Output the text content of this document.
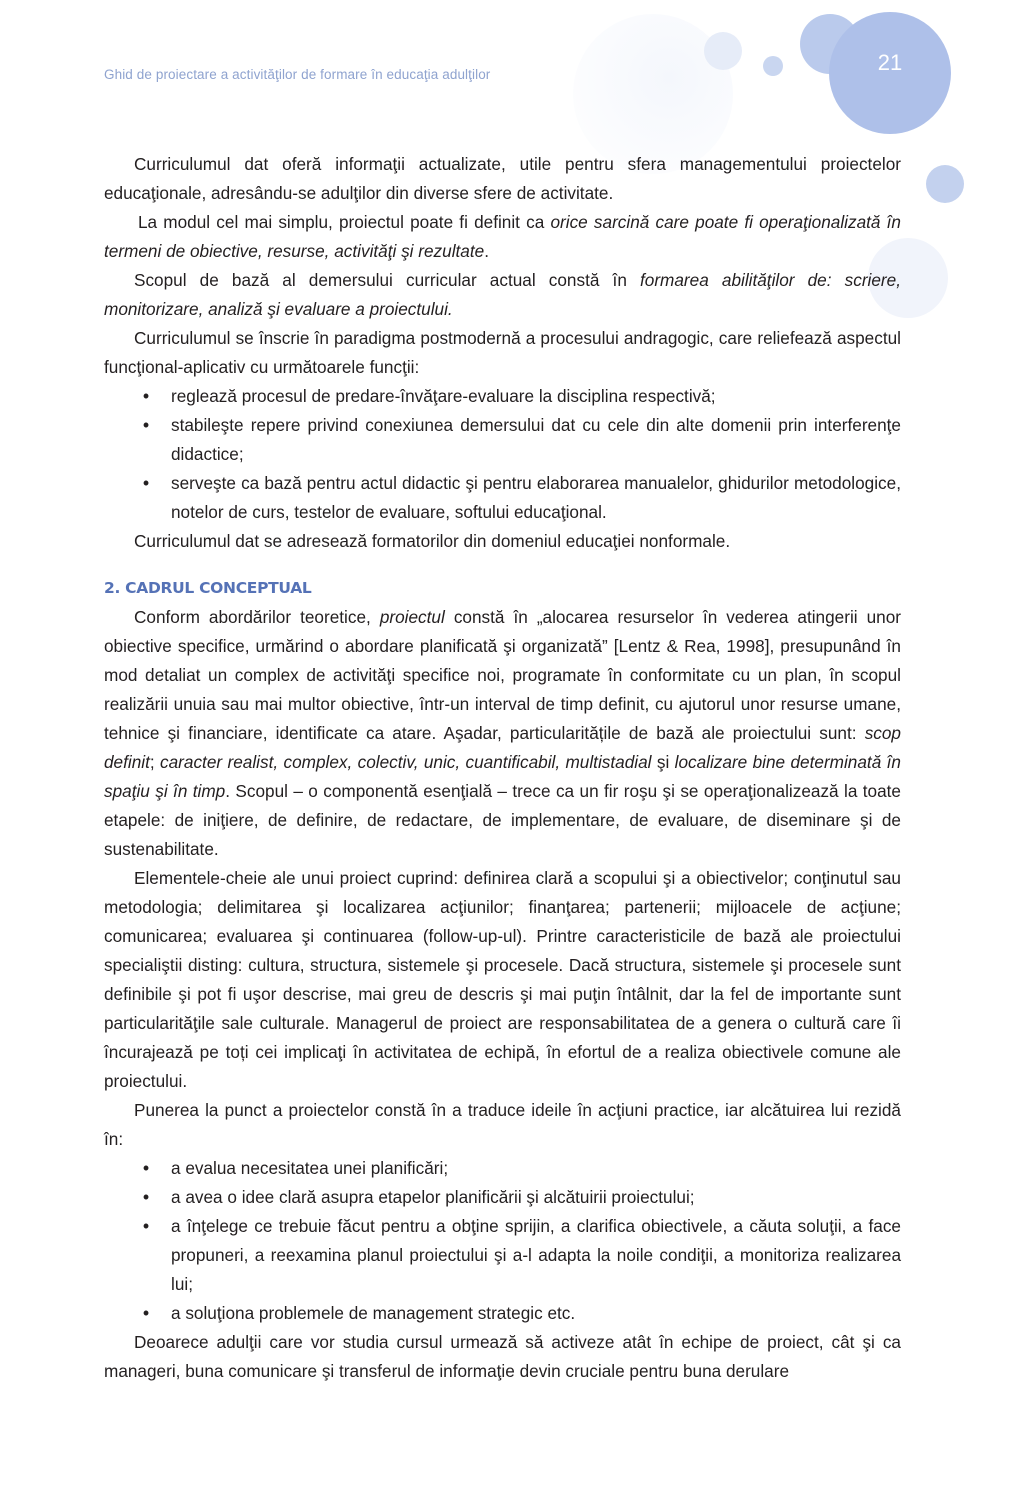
Ghid de proiectare a activităţilor de formare în educaţia adulţilor	21

Curriculumul dat oferă informaţii actualizate, utile pentru sfera managementului proiectelor educaţionale, adresându-se adulţilor din diverse sfere de activitate.

La modul cel mai simplu, proiectul poate fi definit ca orice sarcină care poate fi operaţionalizată în termeni de obiective, resurse, activităţi şi rezultate.

Scopul de bază al demersului curricular actual constă în formarea abilităţilor de: scriere, monitorizare, analiză şi evaluare a proiectului.

Curriculumul se înscrie în paradigma postmodernă a procesului andragogic, care reliefează aspectul funcţional-aplicativ cu următoarele funcţii:

•
reglează procesul de predare-învăţare-evaluare la disciplina respectivă;
•
stabileşte repere privind conexiunea demersului dat cu cele din alte domenii prin interferenţe didactice;
•
serveşte ca bază pentru actul didactic şi pentru elaborarea manualelor, ghidurilor metodologice, notelor de curs, testelor de evaluare, softului educaţional.

Curriculumul dat se adresează formatorilor din domeniul educaţiei nonformale.

2. CADRUL CONCEPTUAL

Conform abordărilor teoretice, proiectul constă în „alocarea resurselor în vederea atingerii unor obiective specifice, urmărind o abordare planificată şi organizată” [Lentz & Rea, 1998], presupunând în mod detaliat un complex de activităţi specifice noi, programate în conformitate cu un plan, în scopul realizării unuia sau mai multor obiective, într-un interval de timp definit, cu ajutorul unor resurse umane, tehnice şi financiare, identificate ca atare. Aşadar, particularitățile de bază ale proiectului sunt: scop definit; caracter realist, complex, colectiv, unic, cuantificabil, multistadial şi localizare bine determinată în spaţiu şi în timp. Scopul – o componentă esenţială – trece ca un fir roşu şi se operaţionalizează la toate etapele: de iniţiere, de definire, de redactare, de implementare, de evaluare, de diseminare şi de sustenabilitate.

Elementele-cheie ale unui proiect cuprind: definirea clară a scopului şi a obiectivelor; conţinutul sau metodologia; delimitarea şi localizarea acţiunilor; finanţarea; partenerii; mijloacele de acţiune; comunicarea; evaluarea şi continuarea (follow-up-ul). Printre caracteristicile de bază ale proiectului specialiştii disting: cultura, structura, sistemele şi procesele. Dacă structura, sistemele şi procesele sunt definibile şi pot fi uşor descrise, mai greu de descris şi mai puţin întâlnit, dar la fel de importante sunt particularităţile sale culturale. Managerul de proiect are responsabilitatea de a genera o cultură care îi încurajează pe toți cei implicaţi în activitatea de echipă, în efortul de a realiza obiectivele comune ale proiectului.

Punerea la punct a proiectelor constă în a traduce ideile în acţiuni practice, iar alcătuirea lui rezidă în:

•
a evalua necesitatea unei planificări;
•
a avea o idee clară asupra etapelor planificării şi alcătuirii proiectului;
•
a înţelege ce trebuie făcut pentru a obţine sprijin, a clarifica obiectivele, a căuta soluţii, a face propuneri, a reexamina planul proiectului şi a-l adapta la noile condiţii, a monitoriza realizarea lui;
•
a soluţiona problemele de management strategic etc.

Deoarece adulţii care vor studia cursul urmează să activeze atât în echipe de proiect, cât şi ca manageri, buna comunicare şi transferul de informaţie devin cruciale pentru buna derulare
